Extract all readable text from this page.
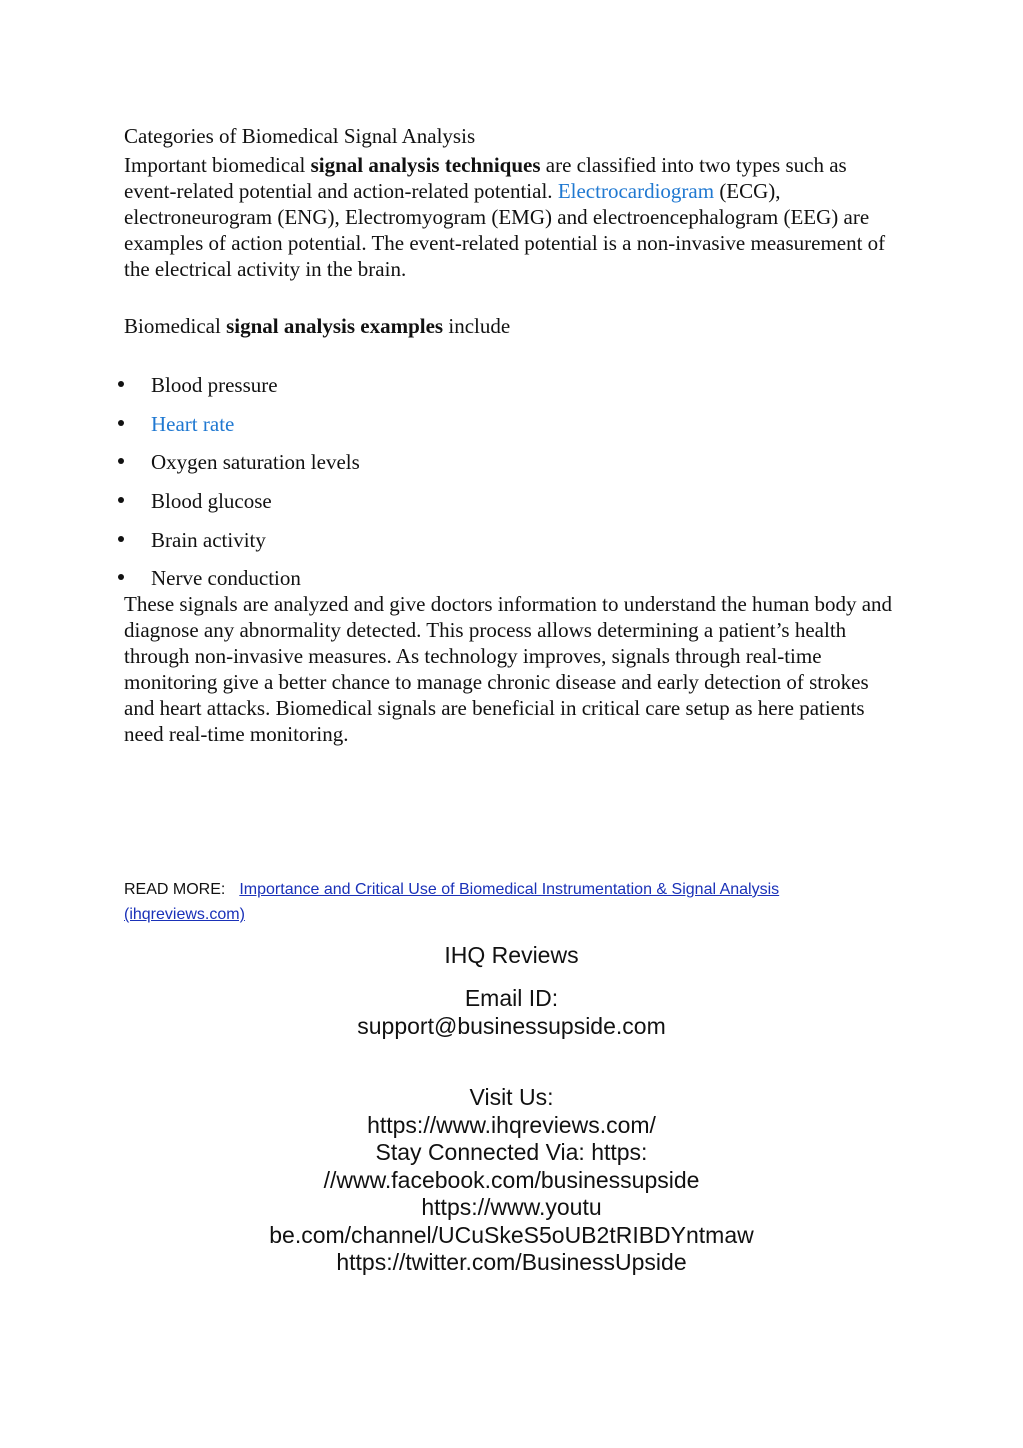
Categories of Biomedical Signal Analysis
Important biomedical signal analysis techniques are classified into two types such as event-related potential and action-related potential. Electrocardiogram (ECG), electroneurogram (ENG), Electromyogram (EMG) and electroencephalogram (EEG) are examples of action potential. The event-related potential is a non-invasive measurement of the electrical activity in the brain.
Biomedical signal analysis examples include
Blood pressure
Heart rate
Oxygen saturation levels
Blood glucose
Brain activity
Nerve conduction
These signals are analyzed and give doctors information to understand the human body and diagnose any abnormality detected. This process allows determining a patient’s health through non-invasive measures. As technology improves, signals through real-time monitoring give a better chance to manage chronic disease and early detection of strokes and heart attacks. Biomedical signals are beneficial in critical care setup as here patients need real-time monitoring.
READ MORE: Importance and Critical Use of Biomedical Instrumentation & Signal Analysis (ihqreviews.com)
IHQ Reviews
Email ID:
support@businessupside.com
Visit Us:
https://www.ihqreviews.com/
Stay Connected Via: https:
//www.facebook.com/businessupside
https://www.youtu
be.com/channel/UCuSkeS5oUB2tRIBDYntmaw
https://twitter.com/BusinessUpside
